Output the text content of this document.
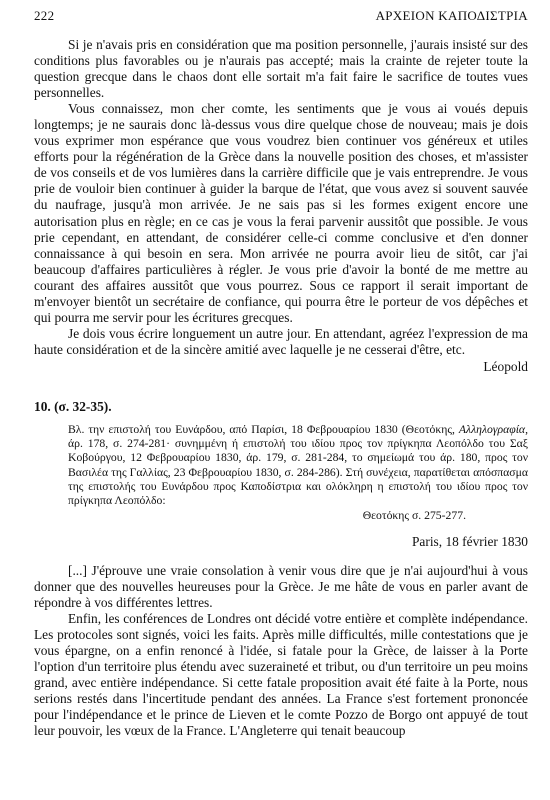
222	ΑΡΧΕΙΟΝ ΚΑΠΟΔΙΣΤΡΙΑ

Si je n'avais pris en considération que ma position personnelle, j'aurais insisté sur des conditions plus favorables ou je n'aurais pas accepté; mais la crainte de rejeter toute la question grecque dans le chaos dont elle sortait m'a fait faire le sacrifice de toutes vues personnelles.

Vous connaissez, mon cher comte, les sentiments que je vous ai voués depuis longtemps; je ne saurais donc là-dessus vous dire quelque chose de nouveau; mais je dois vous exprimer mon espérance que vous voudrez bien continuer vos généreux et utiles efforts pour la régénération de la Grèce dans la nouvelle position des choses, et m'assister de vos conseils et de vos lumières dans la carrière difficile que je vais entreprendre. Je vous prie de vouloir bien continuer à guider la barque de l'état, que vous avez si souvent sauvée du naufrage, jusqu'à mon arrivée. Je ne sais pas si les formes exigent encore une autorisation plus en règle; en ce cas je vous la ferai parvenir aussitôt que possible. Je vous prie cependant, en attendant, de considérer celle-ci comme conclusive et d'en donner connaissance à qui besoin en sera. Mon arrivée ne pourra avoir lieu de sitôt, car j'ai beaucoup d'affaires particulières à régler. Je vous prie d'avoir la bonté de me mettre au courant des affaires aussitôt que vous pourrez. Sous ce rapport il serait important de m'envoyer bientôt un secrétaire de confiance, qui pourra être le porteur de vos dépêches et qui pourra me servir pour les écritures grecques.

Je dois vous écrire longuement un autre jour. En attendant, agréez l'expression de ma haute considération et de la sincère amitié avec laquelle je ne cesserai d'être, etc.

Léopold
10. (σ. 32-35).

Βλ. την επιστολή του Ευνάρδου, από Παρίσι, 18 Φεβρουαρίου 1830 (Θεοτόκης, Αλληλογραφία, άρ. 178, σ. 274-281· συνημμένη ή επιστολή του ιδίου προς τον πρίγκηπα Λεοπόλδο του Σαξ Κοβούργου, 12 Φεβρουαρίου 1830, άρ. 179, σ. 281-284, το σημείωμά του άρ. 180, προς τον Βασιλέα της Γαλλίας, 23 Φεβρουαρίου 1830, σ. 284-286). Στή συνέχεια, παρατίθεται απόσπασμα της επιστολής του Ευνάρδου προς Καποδίστρια και ολόκληρη η επιστολή του ιδίου προς τον πρίγκηπα Λεοπόλδο:

Θεοτόκης σ. 275-277.
Paris, 18 février 1830

[...] J'éprouve une vraie consolation à venir vous dire que je n'ai aujourd'hui à vous donner que des nouvelles heureuses pour la Grèce. Je me hâte de vous en parler avant de répondre à vos différentes lettres.

Enfin, les conférences de Londres ont décidé votre entière et complète indépendance. Les protocoles sont signés, voici les faits. Après mille difficultés, mille contestations que je vous épargne, on a enfin renoncé à l'idée, si fatale pour la Grèce, de laisser à la Porte l'option d'un territoire plus étendu avec suzeraineté et tribut, ou d'un territoire un peu moins grand, avec entière indépendance. Si cette fatale proposition avait été faite à la Porte, nous serions restés dans l'incertitude pendant des années. La France s'est fortement prononcée pour l'indépendance et le prince de Lieven et le comte Pozzo de Borgo ont appuyé de tout leur pouvoir, les vœux de la France. L'Angleterre qui tenait beaucoup
